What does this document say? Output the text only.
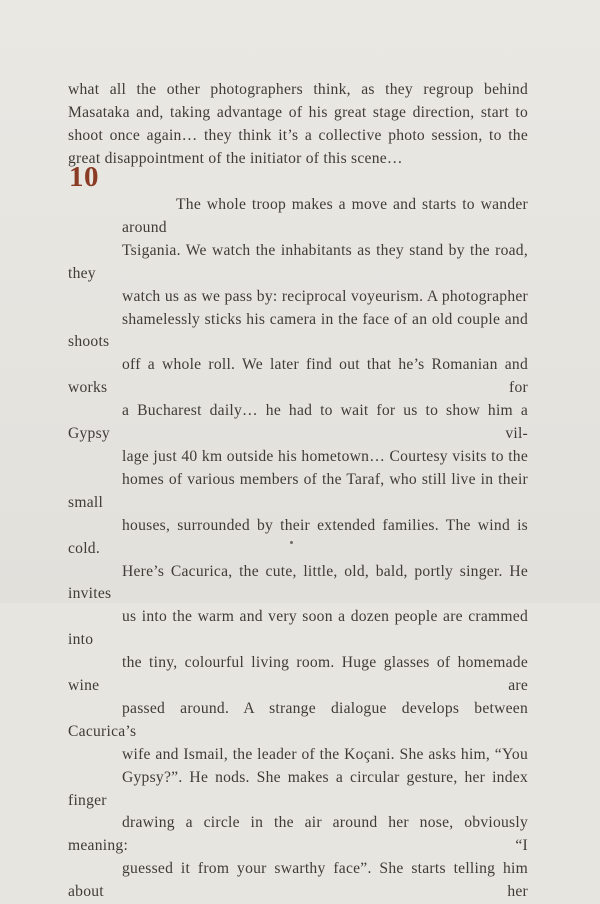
what all the other photographers think, as they regroup behind
Masataka and, taking advantage of his great stage direction, start to
shoot once again… they think it’s a collective photo session, to the
great disappointment of the initiator of this scene…

10

The whole troop makes a move and starts to wander around
Tsigania. We watch the inhabitants as they stand by the road, they
watch us as we pass by: reciprocal voyeurism. A photographer
shamelessly sticks his camera in the face of an old couple and shoots
off a whole roll. We later find out that he’s Romanian and works for
a Bucharest daily… he had to wait for us to show him a Gypsy vil-
lage just 40 km outside his hometown… Courtesy visits to the
homes of various members of the Taraf, who still live in their small
houses, surrounded by their extended families. The wind is cold.
Here’s Cacurica, the cute, little, old, bald, portly singer. He invites
us into the warm and very soon a dozen people are crammed into
the tiny, colourful living room. Huge glasses of homemade wine are
passed around. A strange dialogue develops between Cacurica’s
wife and Ismail, the leader of the Koçani. She asks him, “You
Gypsy?”. He nods. She makes a circular gesture, her index finger
drawing a circle in the air around her nose, obviously meaning: “I
guessed it from your swarthy face”. She starts telling him about her
